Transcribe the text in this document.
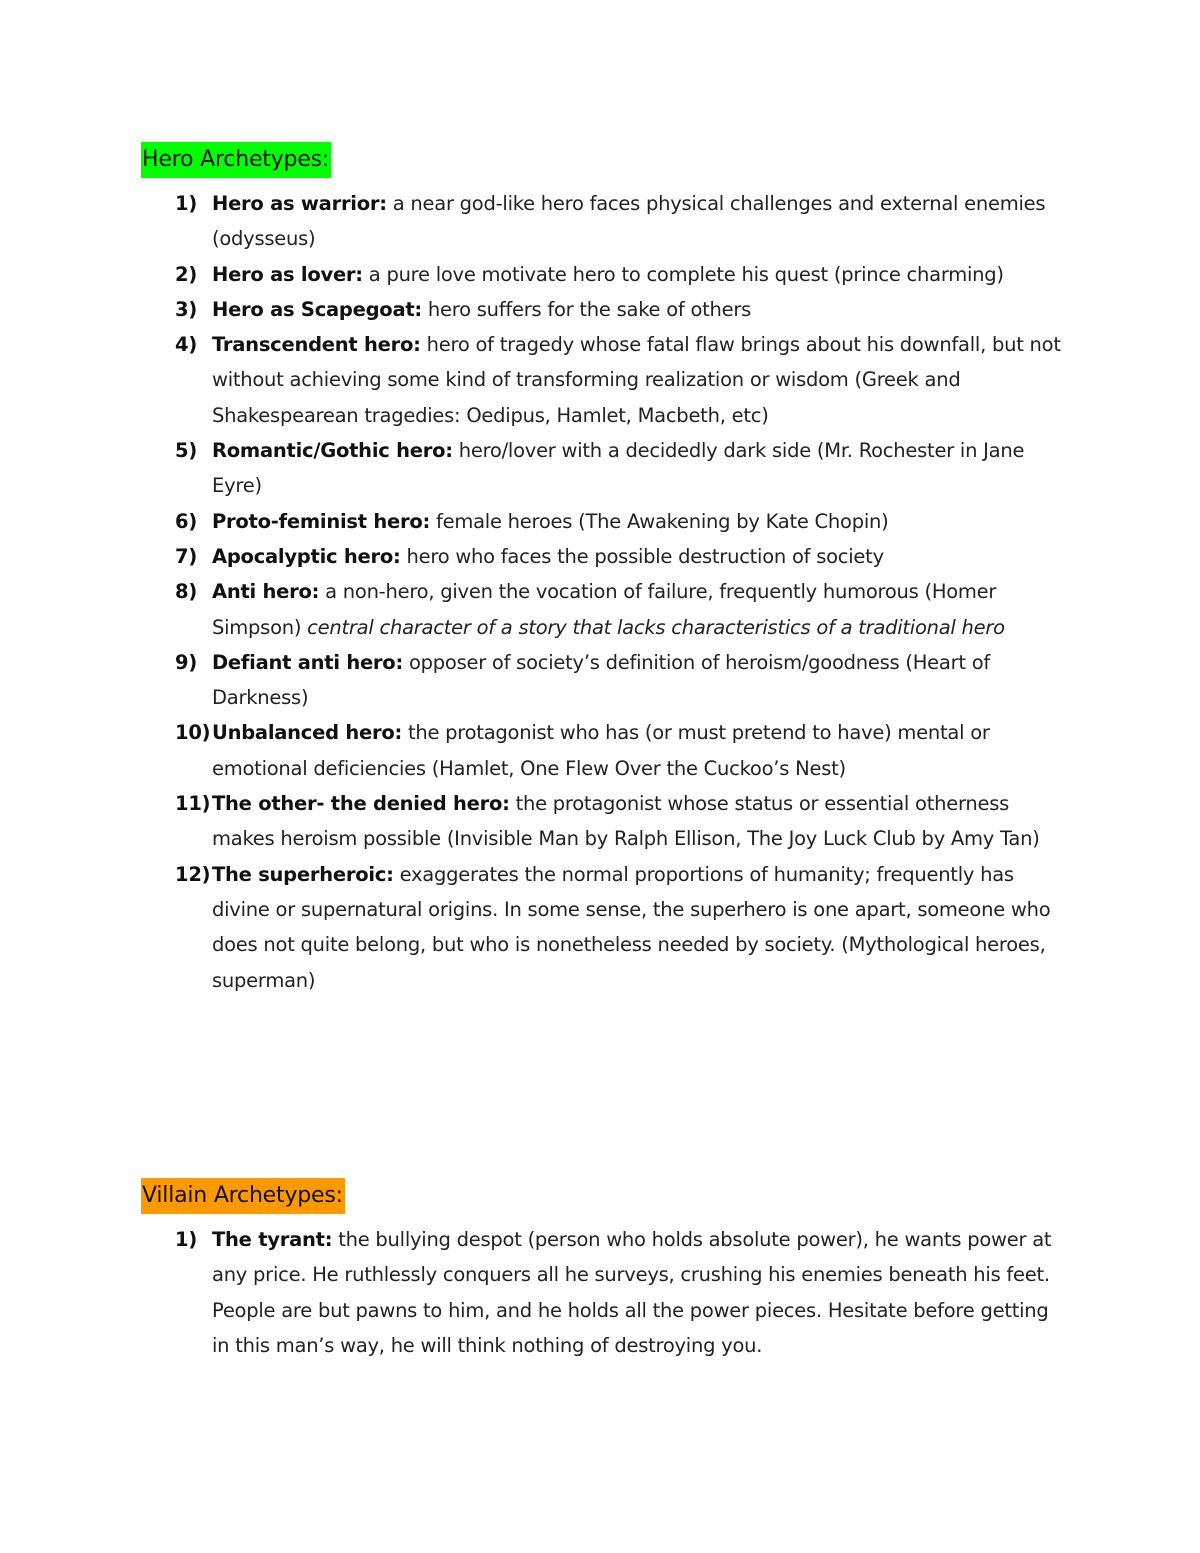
Hero Archetypes:
1) Hero as warrior: a near god-like hero faces physical challenges and external enemies (odysseus)
2) Hero as lover: a pure love motivate hero to complete his quest (prince charming)
3) Hero as Scapegoat: hero suffers for the sake of others
4) Transcendent hero: hero of tragedy whose fatal flaw brings about his downfall, but not without achieving some kind of transforming realization or wisdom (Greek and Shakespearean tragedies: Oedipus, Hamlet, Macbeth, etc)
5) Romantic/Gothic hero: hero/lover with a decidedly dark side (Mr. Rochester in Jane Eyre)
6) Proto-feminist hero: female heroes (The Awakening by Kate Chopin)
7) Apocalyptic hero: hero who faces the possible destruction of society
8) Anti hero: a non-hero, given the vocation of failure, frequently humorous (Homer Simpson) central character of a story that lacks characteristics of a traditional hero
9) Defiant anti hero: opposer of society’s definition of heroism/goodness (Heart of Darkness)
10) Unbalanced hero: the protagonist who has (or must pretend to have) mental or emotional deficiencies (Hamlet, One Flew Over the Cuckoo’s Nest)
11) The other- the denied hero: the protagonist whose status or essential otherness makes heroism possible (Invisible Man by Ralph Ellison, The Joy Luck Club by Amy Tan)
12) The superheroic: exaggerates the normal proportions of humanity; frequently has divine or supernatural origins. In some sense, the superhero is one apart, someone who does not quite belong, but who is nonetheless needed by society. (Mythological heroes, superman)
Villain Archetypes:
1) The tyrant: the bullying despot (person who holds absolute power), he wants power at any price. He ruthlessly conquers all he surveys, crushing his enemies beneath his feet. People are but pawns to him, and he holds all the power pieces. Hesitate before getting in this man’s way, he will think nothing of destroying you.
